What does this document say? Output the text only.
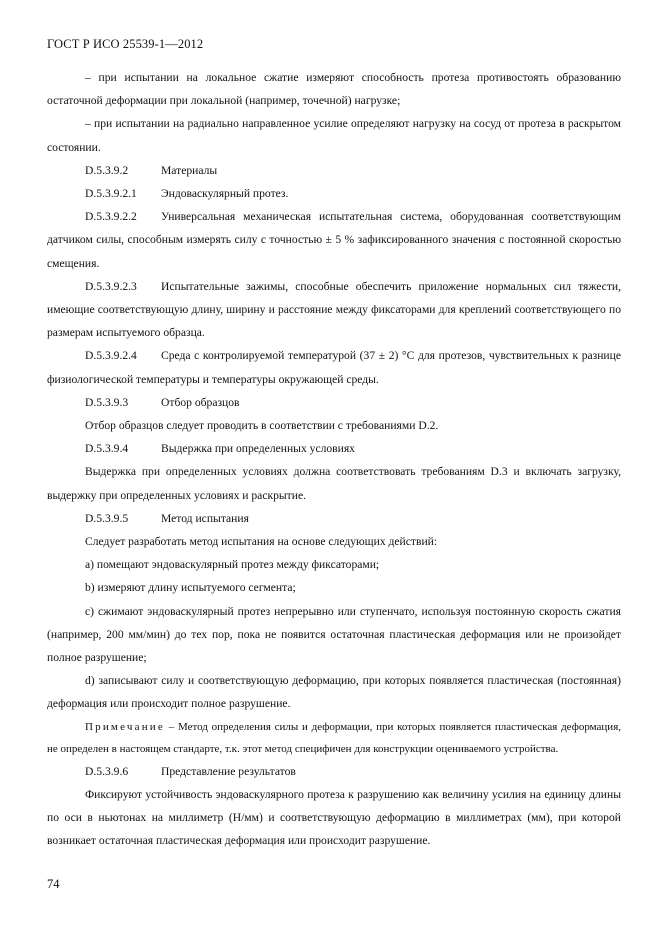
ГОСТ Р ИСО 25539-1—2012

– при испытании на локальное сжатие измеряют способность протеза противостоять образованию остаточной деформации при локальной (например, точечной) нагрузке;

– при испытании на радиально направленное усилие определяют нагрузку на сосуд от протеза в раскрытом состоянии.

D.5.3.9.2	Материалы

D.5.3.9.2.1 Эндоваскулярный протез.

D.5.3.9.2.2 Универсальная механическая испытательная система, оборудованная соответствующим датчиком силы, способным измерять силу с точностью ± 5 % зафиксированного значения с постоянной скоростью смещения.

D.5.3.9.2.3 Испытательные зажимы, способные обеспечить приложение нормальных сил тяжести, имеющие соответствующую длину, ширину и расстояние между фиксаторами для креплений соответствующего по размерам испытуемого образца.

D.5.3.9.2.4 Среда с контролируемой температурой (37 ± 2) °С для протезов, чувствительных к разнице физиологической температуры и температуры окружающей среды.

D.5.3.9.3	Отбор образцов

Отбор образцов следует проводить в соответствии с требованиями D.2.

D.5.3.9.4	Выдержка при определенных условиях

Выдержка при определенных условиях должна соответствовать требованиям D.3 и включать загрузку, выдержку при определенных условиях и раскрытие.

D.5.3.9.5	Метод испытания

Следует разработать метод испытания на основе следующих действий:

a) помещают эндоваскулярный протез между фиксаторами;

b) измеряют длину испытуемого сегмента;

c) сжимают эндоваскулярный протез непрерывно или ступенчато, используя постоянную скорость сжатия (например, 200 мм/мин) до тех пор, пока не появится остаточная пластическая деформация или не произойдет полное разрушение;

d) записывают силу и соответствующую деформацию, при которых появляется пластическая (постоянная) деформация или происходит полное разрушение.

Примечание – Метод определения силы и деформации, при которых появляется пластическая деформация, не определен в настоящем стандарте, т.к. этот метод специфичен для конструкции оцениваемого устройства.

D.5.3.9.6	Представление результатов

Фиксируют устойчивость эндоваскулярного протеза к разрушению как величину усилия на единицу длины по оси в ньютонах на миллиметр (Н/мм) и соответствующую деформацию в миллиметрах (мм), при которой возникает остаточная пластическая деформация или происходит разрушение.

74
